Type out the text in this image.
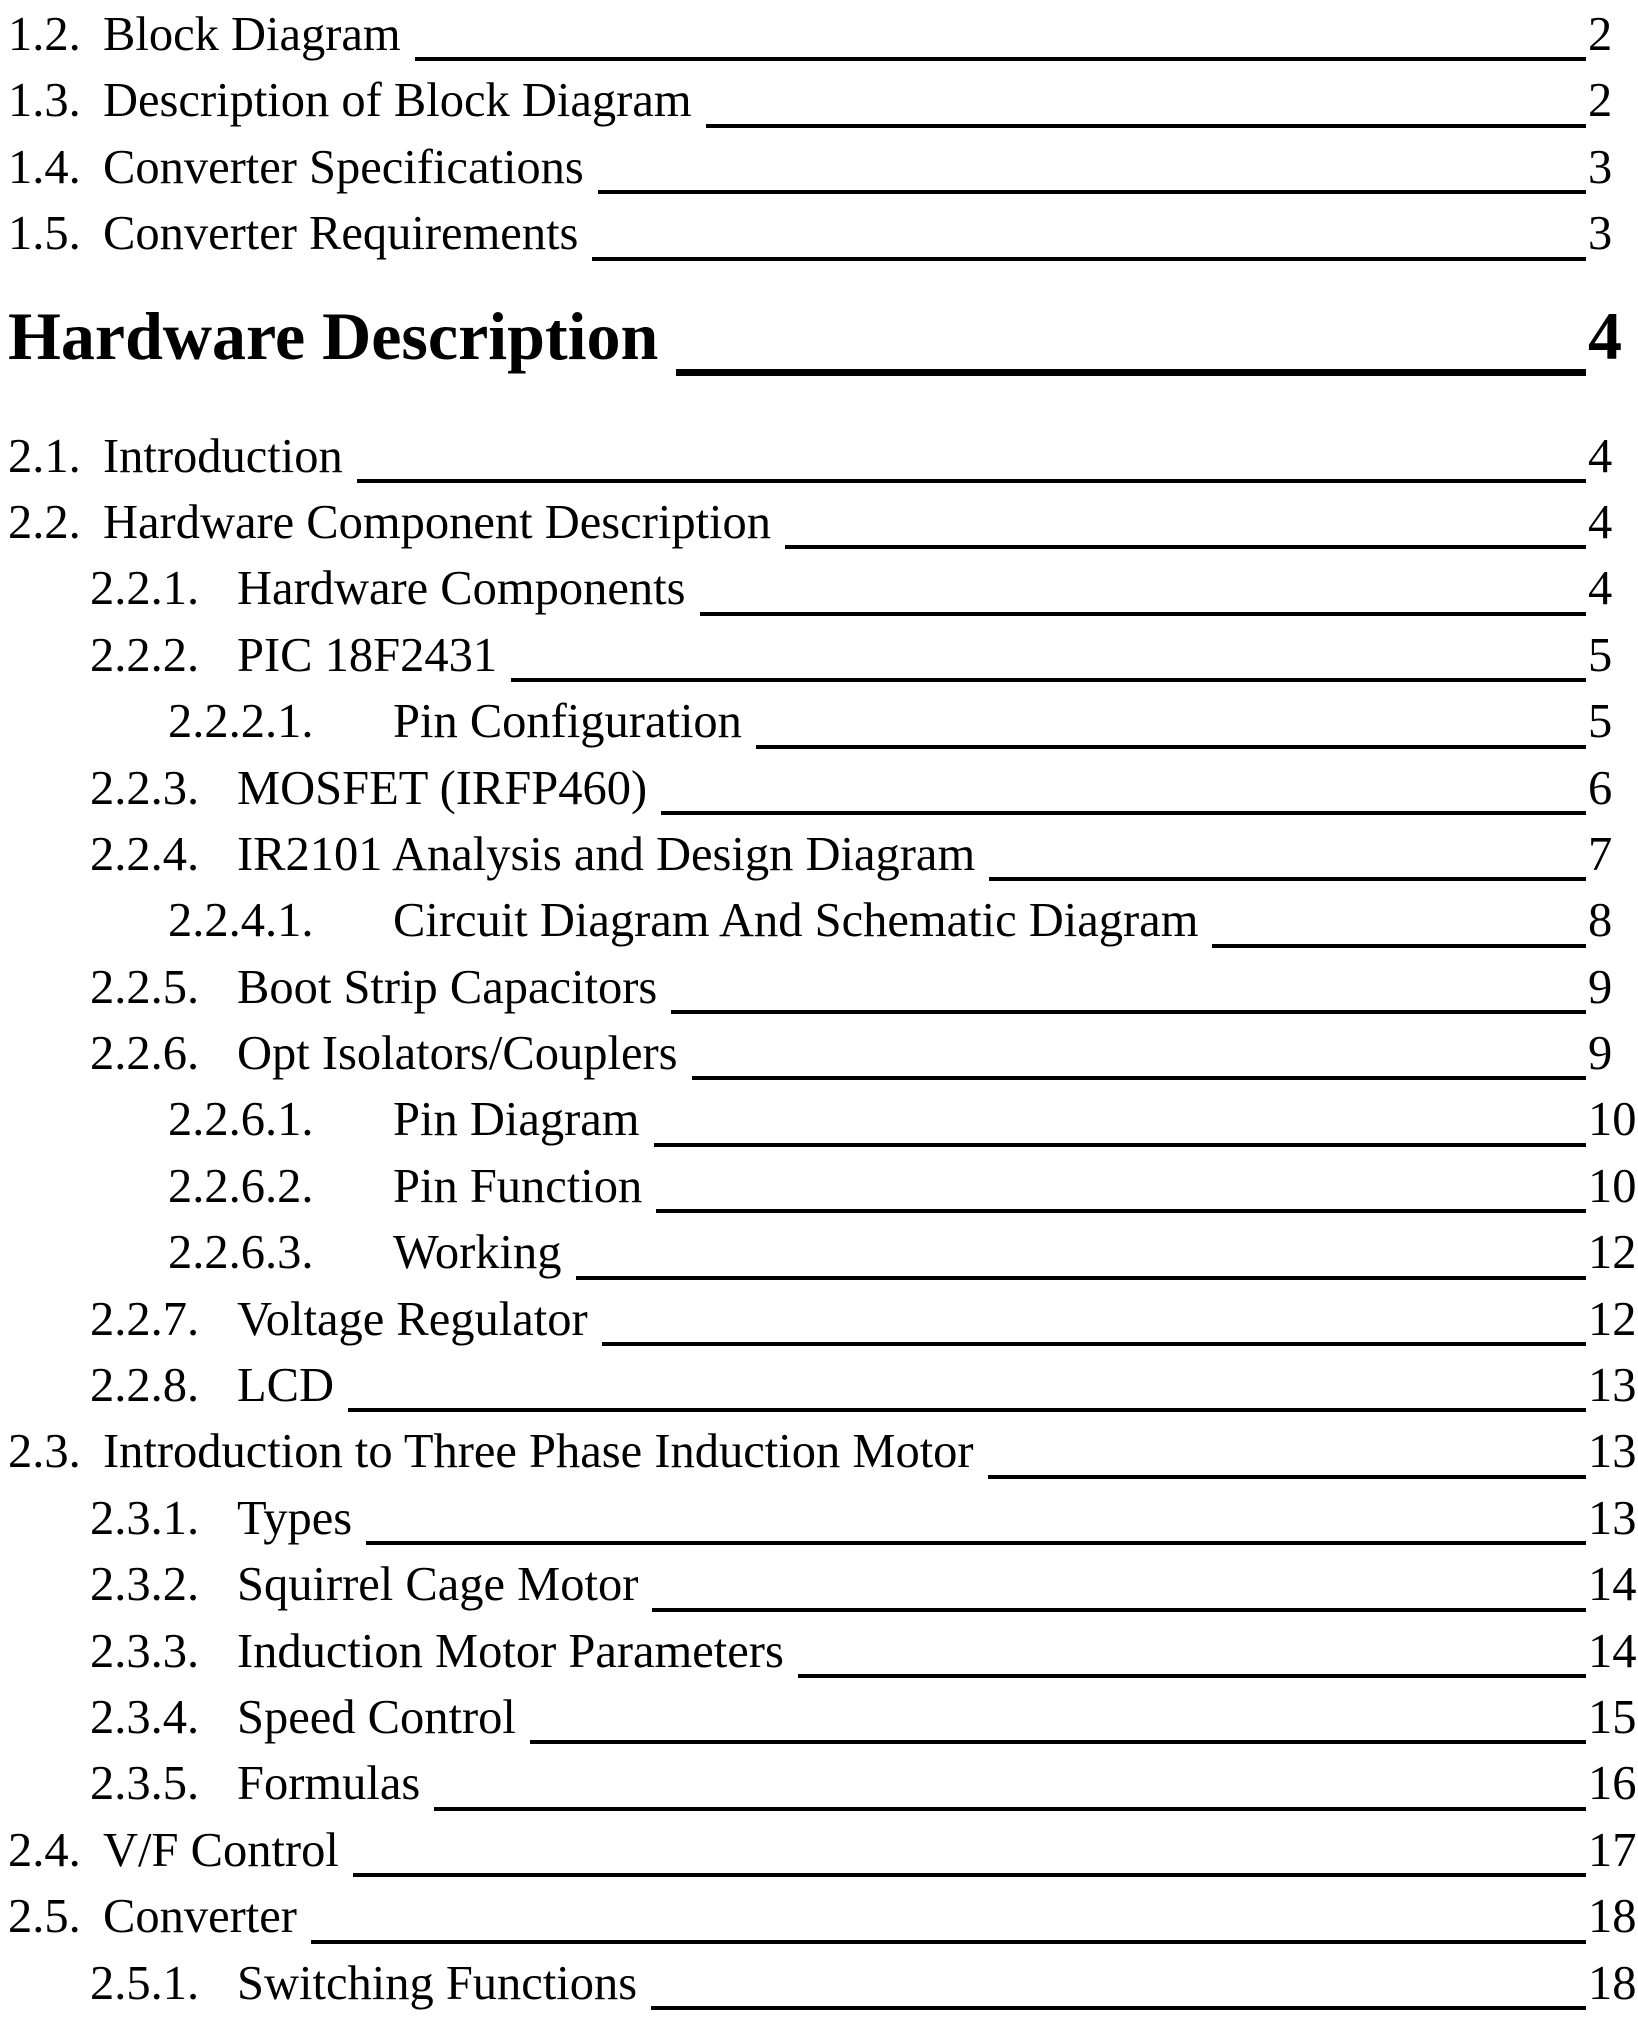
1.2. Block Diagram	2
1.3. Description of Block Diagram	2
1.4. Converter Specifications	3
1.5. Converter Requirements	3
Hardware Description	4
2.1. Introduction	4
2.2. Hardware Component Description	4
2.2.1. Hardware Components	4
2.2.2. PIC 18F2431	5
2.2.2.1.	Pin Configuration	5
2.2.3. MOSFET (IRFP460)	6
2.2.4. IR2101 Analysis and Design Diagram	7
2.2.4.1.	Circuit Diagram And Schematic Diagram	8
2.2.5. Boot Strip Capacitors	9
2.2.6. Opt Isolators/Couplers	9
2.2.6.1.	Pin Diagram	10
2.2.6.2.	Pin Function	10
2.2.6.3.	Working	12
2.2.7. Voltage Regulator	12
2.2.8. LCD	13
2.3. Introduction to Three Phase Induction Motor	13
2.3.1. Types	13
2.3.2. Squirrel Cage Motor	14
2.3.3. Induction Motor Parameters	14
2.3.4. Speed Control	15
2.3.5. Formulas	16
2.4. V/F Control	17
2.5. Converter	18
2.5.1. Switching Functions	18
